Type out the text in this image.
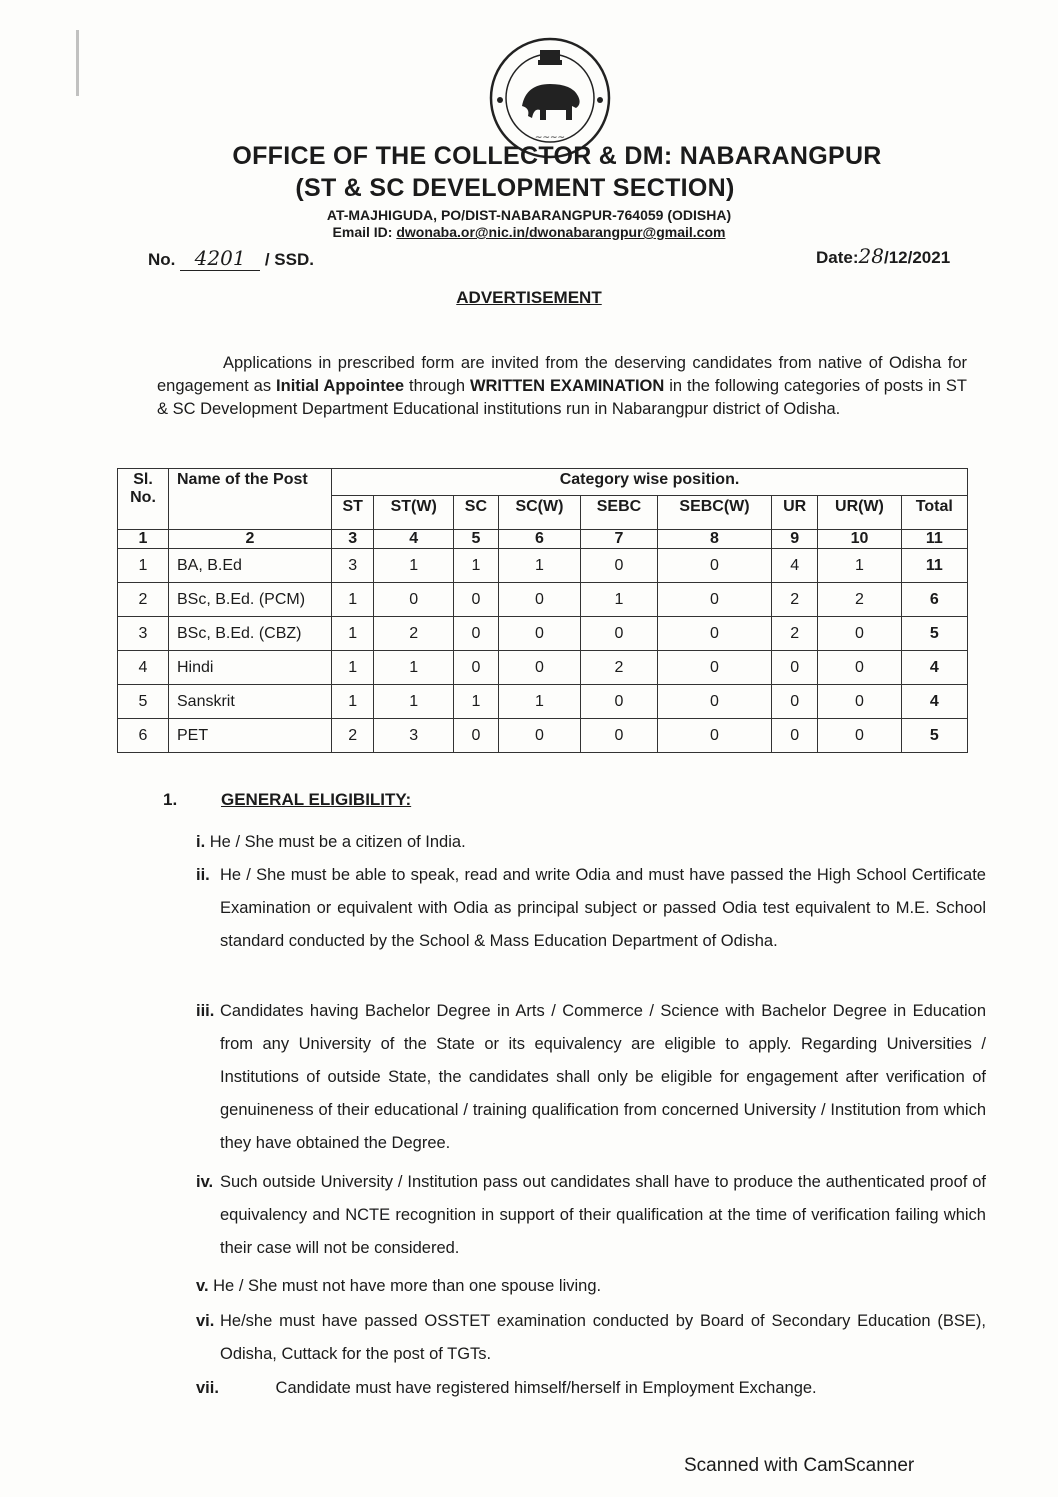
~~~~
OFFICE OF THE COLLECTOR & DM: NABARANGPUR
(ST & SC DEVELOPMENT SECTION)
AT-MAJHIGUDA, PO/DIST-NABARANGPUR-764059 (ODISHA)
Email ID: dwonaba.or@nic.in/dwonabarangpur@gmail.com
No. 4201 / SSD.	Date:28/12/2021
ADVERTISEMENT
Applications in prescribed form are invited from the deserving candidates from native of Odisha for engagement as Initial Appointee through WRITTEN EXAMINATION in the following categories of posts in ST & SC Development Department Educational institutions run in Nabarangpur district of Odisha.
Sl. No.	Name of the Post	Category wise position.								
		ST	ST(W)	SC	SC(W)	SEBC	SEBC(W)	UR	UR(W)	Total
1	2	3	4	5	6	7	8	9	10	11
1	BA, B.Ed	3	1	1	1	0	0	4	1	11
2	BSc, B.Ed. (PCM)	1	0	0	0	1	0	2	2	6
3	BSc, B.Ed. (CBZ)	1	2	0	0	0	0	2	0	5
4	Hindi	1	1	0	0	2	0	0	0	4
5	Sanskrit	1	1	1	1	0	0	0	0	4
6	PET	2	3	0	0	0	0	0	0	5
1.	GENERAL ELIGIBILITY:
i. He / She must be a citizen of India.
ii. He / She must be able to speak, read and write Odia and must have passed the High School Certificate Examination or equivalent with Odia as principal subject or passed Odia test equivalent to M.E. School standard conducted by the School & Mass Education Department of Odisha.
iii. Candidates having Bachelor Degree in Arts / Commerce / Science with Bachelor Degree in Education from any University of the State or its equivalency are eligible to apply. Regarding Universities / Institutions of outside State, the candidates shall only be eligible for engagement after verification of genuineness of their educational / training qualification from concerned University / Institution from which they have obtained the Degree.
iv. Such outside University / Institution pass out candidates shall have to produce the authenticated proof of equivalency and NCTE recognition in support of their qualification at the time of verification failing which their case will not be considered.
v. He / She must not have more than one spouse living.
vi. He/she must have passed OSSTET examination conducted by Board of Secondary Education (BSE), Odisha, Cuttack for the post of TGTs.
vii.	Candidate must have registered himself/herself in Employment Exchange.
Scanned with CamScanner
